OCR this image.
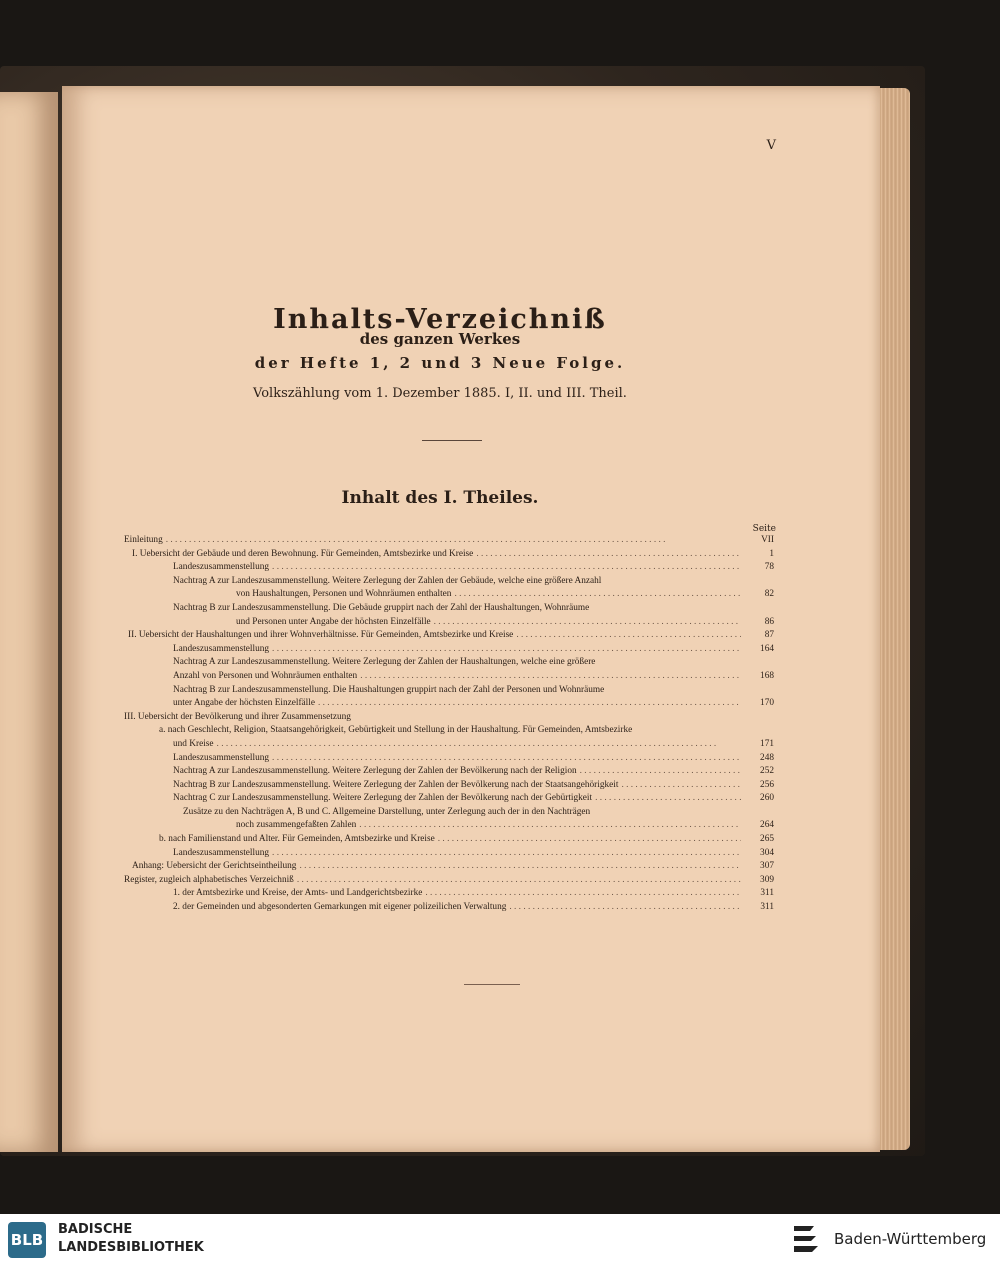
V
Inhalts-Verzeichniß
des ganzen Werkes
der Hefte 1, 2 und 3 Neue Folge.
Volkszählung vom 1. Dezember 1885. I, II. und III. Theil.
Inhalt des I. Theiles.
Seite
Einleitung . . .	VII
I. Uebersicht der Gebäude und deren Bewohnung. Für Gemeinden, Amtsbezirke und Kreise . . .	1
Landeszusammenstellung . . .	78
Nachtrag A zur Landeszusammenstellung. Weitere Zerlegung der Zahlen der Gebäude, welche eine größere Anzahl
von Haushaltungen, Personen und Wohnräumen enthalten . . .	82
Nachtrag B zur Landeszusammenstellung. Die Gebäude gruppirt nach der Zahl der Haushaltungen, Wohnräume
und Personen unter Angabe der höchsten Einzelfälle . . .	86
II. Uebersicht der Haushaltungen und ihrer Wohnverhältnisse. Für Gemeinden, Amtsbezirke und Kreise . . .	87
Landeszusammenstellung . . .	164
Nachtrag A zur Landeszusammenstellung. Weitere Zerlegung der Zahlen der Haushaltungen, welche eine größere
Anzahl von Personen und Wohnräumen enthalten . . .	168
Nachtrag B zur Landeszusammenstellung. Die Haushaltungen gruppirt nach der Zahl der Personen und Wohnräume
unter Angabe der höchsten Einzelfälle . . .	170
III. Uebersicht der Bevölkerung und ihrer Zusammensetzung
a. nach Geschlecht, Religion, Staatsangehörigkeit, Gebürtigkeit und Stellung in der Haushaltung. Für Gemeinden, Amtsbezirke
und Kreise . . .	171
Landeszusammenstellung . . .	248
Nachtrag A zur Landeszusammenstellung. Weitere Zerlegung der Zahlen der Bevölkerung nach der Religion . . .	252
Nachtrag B zur Landeszusammenstellung. Weitere Zerlegung der Zahlen der Bevölkerung nach der Staatsangehörigkeit . . .	256
Nachtrag C zur Landeszusammenstellung. Weitere Zerlegung der Zahlen der Bevölkerung nach der Gebürtigkeit . . .	260
Zusätze zu den Nachträgen A, B und C. Allgemeine Darstellung, unter Zerlegung auch der in den Nachträgen
noch zusammengefaßten Zahlen . . .	264
b. nach Familienstand und Alter. Für Gemeinden, Amtsbezirke und Kreise . . .	265
Landeszusammenstellung . . .	304
Anhang: Uebersicht der Gerichtseintheilung . . .	307
Register, zugleich alphabetisches Verzeichniß . . .	309
1. der Amtsbezirke und Kreise, der Amts- und Landgerichtsbezirke . . .	311
2. der Gemeinden und abgesonderten Gemarkungen mit eigener polizeilichen Verwaltung . . .	311
BLB
BADISCHE
LANDESBIBLIOTHEK	Baden-Württemberg
